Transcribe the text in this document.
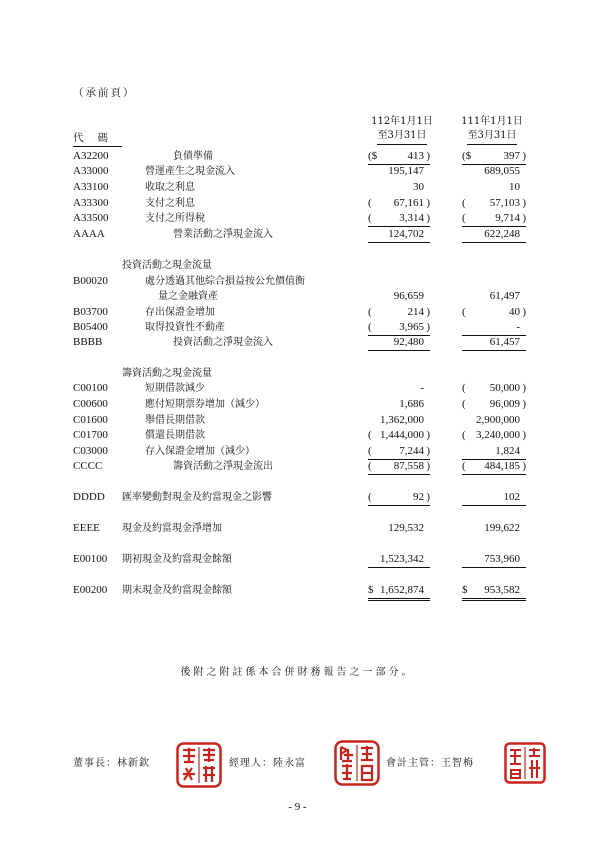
（承前頁）
112年1月1日
至3月31日
111年1月1日
至3月31日
代碼
A32200	負債準備	($	413 )	($	397 )
A33000	營運產生之現金流入	195,147	689,055
A33100	收取之利息	30	10
A33300	支付之利息	( 67,161 )	( 57,103 )
A33500	支付之所得稅	(	3,314 )	(	9,714 )
AAAA	營業活動之淨現金流入	124,702	622,248
投資活動之現金流量
B00020	處分透過其他綜合損益按公允價值衡
量之金融資產	96,659	61,497
B03700	存出保證金增加	(	214 )	(	40 )
B05400	取得投資性不動產	(	3,965 )	-
BBBB	投資活動之淨現金流入	92,480	61,457
籌資活動之現金流量
C00100	短期借款減少	-	( 50,000 )
C00600	應付短期票券增加（減少）	1,686	( 96,009 )
C01600	舉借長期借款	1,362,000	2,900,000
C01700	償還長期借款	( 1,444,000 )	( 3,240,000 )
C03000	存入保證金增加（減少）	(	7,244 )	1,824
CCCC	籌資活動之淨現金流出	( 87,558 )	( 484,185 )
DDDD 匯率變動對現金及約當現金之影響	(	92 )	102
EEEE 現金及約當現金淨增加	129,532	199,622
E00100 期初現金及約當現金餘額	1,523,342	753,960
E00200 期末現金及約當現金餘額	$ 1,652,874	$ 953,582
後附之附註係本合併財務報告之一部分。
董事長：林新欽	經理人：陸永富	會計主管：王智梅
- 9 -
